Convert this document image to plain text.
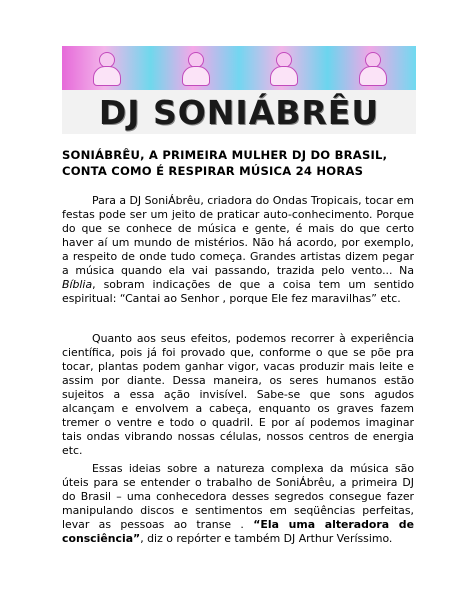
DJ SONIÁBRÊU
SONIÁBRÊU, A PRIMEIRA MULHER DJ DO BRASIL,
CONTA COMO É RESPIRAR MÚSICA 24 HORAS
Para a DJ SoniÁbrêu, criadora do Ondas Tropicais, tocar em festas pode ser um jeito de praticar auto-conhecimento. Porque do que se conhece de música e gente, é mais do que certo haver aí um mundo de mistérios. Não há acordo, por exemplo, a respeito de onde tudo começa. Grandes artistas dizem pegar a música quando ela vai passando, trazida pelo vento... Na Bíblia, sobram indicações de que a coisa tem um sentido espiritual: “Cantai ao Senhor , porque Ele fez maravilhas” etc.
Quanto aos seus efeitos, podemos recorrer à experiência científica, pois já foi provado que, conforme o que se põe pra tocar, plantas podem ganhar vigor, vacas produzir mais leite e assim por diante. Dessa maneira, os seres humanos estão sujeitos a essa ação invisível. Sabe-se que sons agudos alcançam e envolvem a cabeça, enquanto os graves fazem tremer o ventre e todo o quadril. E por aí podemos imaginar tais ondas vibrando nossas células, nossos centros de energia etc.
Essas ideias sobre a natureza complexa da música são úteis para se entender o trabalho de SoniÁbrêu, a primeira DJ do Brasil – uma conhecedora desses segredos consegue fazer manipulando discos e sentimentos em seqüências perfeitas, levar as pessoas ao transe . “Ela uma alteradora de consciência”, diz o repórter e também DJ Arthur Veríssimo.
